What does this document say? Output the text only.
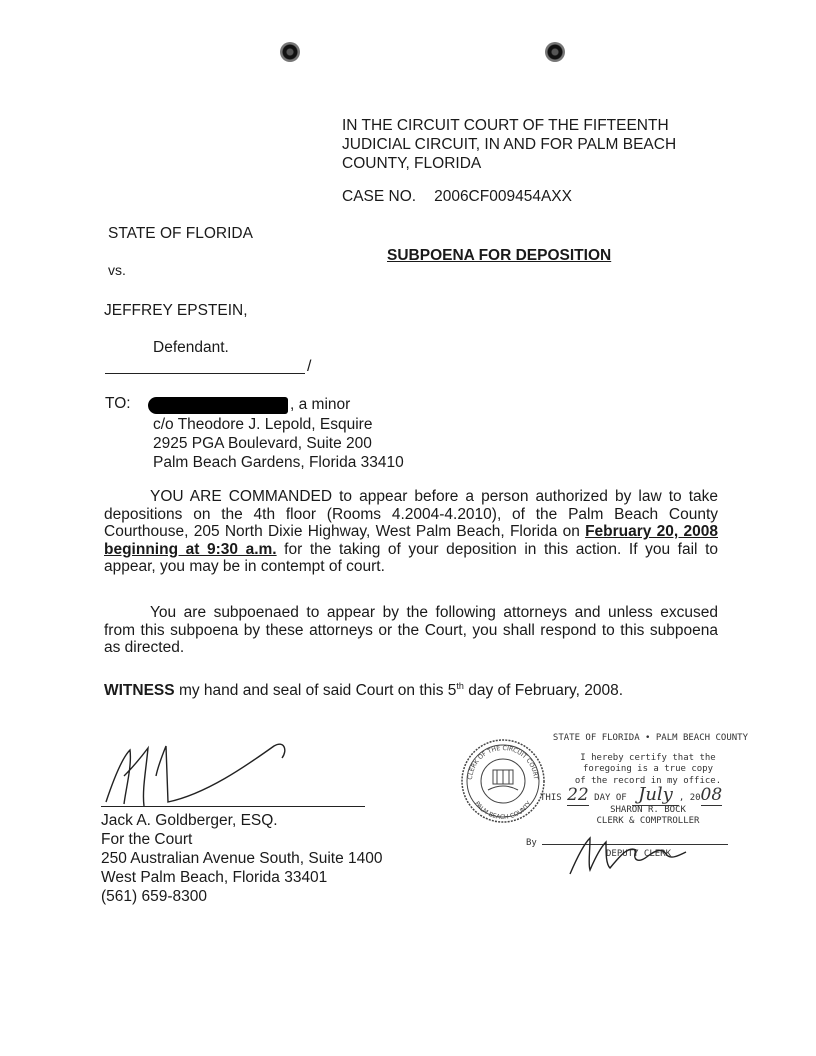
IN THE CIRCUIT COURT OF THE FIFTEENTH
JUDICIAL CIRCUIT, IN AND FOR PALM BEACH
COUNTY, FLORIDA
CASE NO. 2006CF009454AXX
STATE OF FLORIDA
SUBPOENA FOR DEPOSITION
vs.
JEFFREY EPSTEIN,
Defendant.
/
TO:	, a minor
c/o Theodore J. Lepold, Esquire
2925 PGA Boulevard, Suite 200
Palm Beach Gardens, Florida 33410
YOU ARE COMMANDED to appear before a person authorized by law to take depositions on the 4th floor (Rooms 4.2004-4.2010), of the Palm Beach County Courthouse, 205 North Dixie Highway, West Palm Beach, Florida on February 20, 2008 beginning at 9:30 a.m. for the taking of your deposition in this action. If you fail to appear, you may be in contempt of court.
You are subpoenaed to appear by the following attorneys and unless excused from this subpoena by these attorneys or the Court, you shall respond to this subpoena as directed.
WITNESS my hand and seal of said Court on this 5th day of February, 2008.
Jack A. Goldberger, ESQ.
For the Court
250 Australian Avenue South, Suite 1400
West Palm Beach, Florida 33401
(561) 659-8300
CLERK OF THE CIRCUIT COURT
PALM BEACH COUNTY
STATE OF FLORIDA • PALM BEACH COUNTY
I hereby certify that the
foregoing is a true copy
of the record in my office.
THIS 22 DAY OF July , 2008
SHARON R. BOCK
CLERK & COMPTROLLER
By
DEPUTY CLERK
